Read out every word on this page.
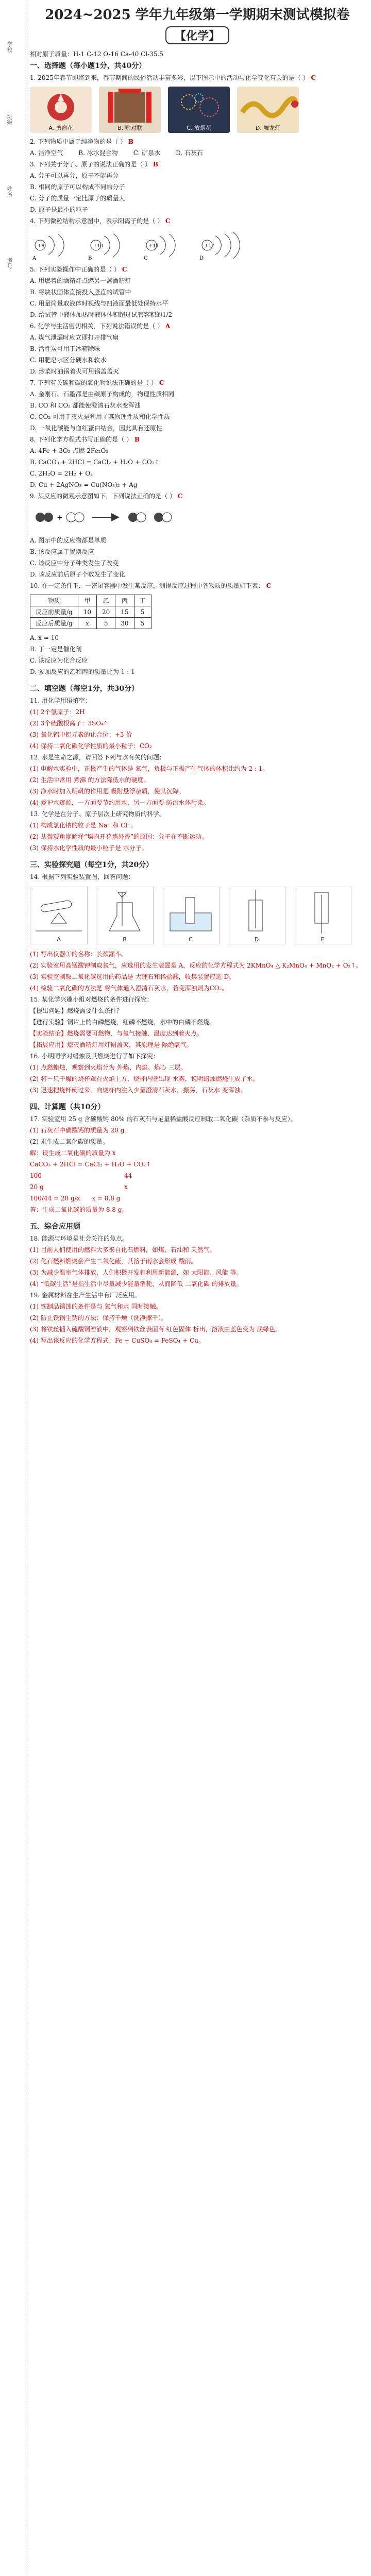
学校
班级
姓名
考号
2024~2025 学年九年级第一学期期末测试模拟卷
【化学】
相对原子质量：H-1 C-12 O-16 Ca-40 Cl-35.5
一、选择题（每小题1分，共40分）
1. 2025年春节即将到来，春节期间的民俗活动丰富多彩，以下图示中的活动与化学变化有关的是（ ） C
A. 剪窗花	B. 贴对联	C. 放烟花	D. 舞龙灯
2. 下列物质中属于纯净物的是（ ） B
A. 洁净空气	B. 冰水混合物	C. 矿泉水	D. 石灰石
3. 下列关于分子、原子的说法正确的是（ ） B
A. 分子可以再分，原子不能再分
B. 相同的原子可以构成不同的分子
C. 分子的质量一定比原子的质量大
D. 原子是最小的粒子
4. 下列微粒结构示意图中，表示阳离子的是（ ） C
+8
A
+10
B
+11
C
+17
D
5. 下列实验操作中正确的是（ ） C
A. 用燃着的酒精灯点燃另一盏酒精灯
B. 将块状固体直接投入竖直的试管中
C. 用量筒量取液体时视线与凹液面最低处保持水平
D. 给试管中液体加热时液体体积超过试管容积的1/2
6. 化学与生活密切相关，下列说法错误的是（ ） A
A. 煤气泄漏时应立即打开排气扇
B. 活性炭可用于冰箱除味
C. 用肥皂水区分硬水和软水
D. 炒菜时油锅着火可用锅盖盖灭
7. 下列有关碳和碳的氧化物说法正确的是（ ） C
A. 金刚石、石墨都是由碳原子构成的，物理性质相同
B. CO 和 CO₂ 都能使澄清石灰水变浑浊
C. CO₂ 可用于灭火是利用了其物理性质和化学性质
D. 一氧化碳能与血红蛋白结合，因此具有还原性
8. 下列化学方程式书写正确的是（ ） B
A. 4Fe + 3O₂ 点燃 2Fe₂O₃
B. CaCO₃ + 2HCl = CaCl₂ + H₂O + CO₂↑
C. 2H₂O = 2H₂ + O₂
D. Cu + 2AgNO₃ = Cu(NO₃)₂ + Ag
9. 某反应的微观示意图如下，下列说法正确的是（ ） C
+
A. 图示中的反应物都是单质
B. 该反应属于置换反应
C. 该反应中分子种类发生了改变
D. 该反应前后原子个数发生了变化
10. 在一定条件下，一密闭容器中发生某反应，测得反应过程中各物质的质量如下表： C
物质	甲	乙	丙	丁
反应前质量/g	10	20	15	5
反应后质量/g	x	5	30	5
A. x = 10
B. 丁一定是催化剂
C. 该反应为化合反应
D. 参加反应的乙和丙的质量比为 1 : 1
二、填空题（每空1分，共30分）
11. 用化学用语填空：
(1) 2个氢原子：2H
(2) 3个硫酸根离子：3SO₄²⁻
(3) 氧化铝中铝元素的化合价：+3 价
(4) 保持二氧化碳化学性质的最小粒子：CO₂
12. 水是生命之源，请回答下列与水有关的问题：
(1) 电解水实验中，正极产生的气体是 氧气，负极与正极产生气体的体积比约为 2 : 1。
(2) 生活中常用 煮沸 的方法降低水的硬度。
(3) 净水时加入明矾的作用是 吸附悬浮杂质，使其沉降。
(4) 爱护水资源，一方面要节约用水，另一方面要 防治水体污染。
13. 化学是在分子、原子层次上研究物质的科学。
(1) 构成氯化钠的粒子是 Na⁺ 和 Cl⁻。
(2) 从微观角度解释“墙内开花墙外香”的原因：分子在不断运动。
(3) 保持水化学性质的最小粒子是 水分子。
三、实验探究题（每空1分，共20分）
14. 根据下列实验装置图，回答问题：
A	B	C	D	E
(1) 写出仪器①的名称：长颈漏斗。
(2) 实验室用高锰酸钾制取氧气，应选用的发生装置是 A，反应的化学方程式为 2KMnO₄ △ K₂MnO₄ + MnO₂ + O₂↑。
(3) 实验室制取二氧化碳选用的药品是 大理石和稀盐酸，收集装置应选 D。
(4) 检验二氧化碳的方法是 将气体通入澄清石灰水，若变浑浊则为CO₂。
15. 某化学兴趣小组对燃烧的条件进行探究：
【提出问题】燃烧需要什么条件？
【进行实验】铜片上的白磷燃烧，红磷不燃烧，水中的白磷不燃烧。
【实验结论】燃烧需要可燃物、与氧气接触、温度达到着火点。
【拓展应用】熄灭酒精灯用灯帽盖灭，其原理是 隔绝氧气。
16. 小明同学对蜡烛及其燃烧进行了如下探究：
(1) 点燃蜡烛，观察到火焰分为 外焰、内焰、焰心 三层。
(2) 将一只干燥的烧杯罩在火焰上方，烧杯内壁出现 水雾，说明蜡烛燃烧生成了水。
(3) 迅速把烧杯倒过来，向烧杯内注入少量澄清石灰水，振荡，石灰水 变浑浊。
四、计算题（共10分）
17. 实验室用 25 g 含碳酸钙 80% 的石灰石与足量稀盐酸反应制取二氧化碳（杂质不参与反应）。
(1) 石灰石中碳酸钙的质量为 20 g。
(2) 求生成二氧化碳的质量。
解：设生成二氧化碳的质量为 x
CaCO₃ + 2HCl = CaCl₂ + H₂O + CO₂↑
100                                          44
20 g                                         x
100/44 = 20 g/x      x = 8.8 g
答：生成二氧化碳的质量为 8.8 g。
五、综合应用题
18. 能源与环境是社会关注的焦点。
(1) 目前人们使用的燃料大多来自化石燃料，如煤、石油和 天然气。
(2) 化石燃料燃烧会产生二氧化硫，其溶于雨水会形成 酸雨。
(3) 为减少温室气体排放，人们积极开发和利用新能源，如 太阳能、风能 等。
(4) “低碳生活”是指生活中尽量减少能量消耗，从而降低 二氧化碳 的排放量。
19. 金属材料在生产生活中有广泛应用。
(1) 铁制品锈蚀的条件是与 氧气和水 同时接触。
(2) 防止铁锅生锈的方法：保持干燥（洗净擦干）。
(3) 将铁丝插入硫酸铜溶液中，观察到铁丝表面有 红色固体 析出，溶液由蓝色变为 浅绿色。
(4) 写出该反应的化学方程式：Fe + CuSO₄ = FeSO₄ + Cu。
